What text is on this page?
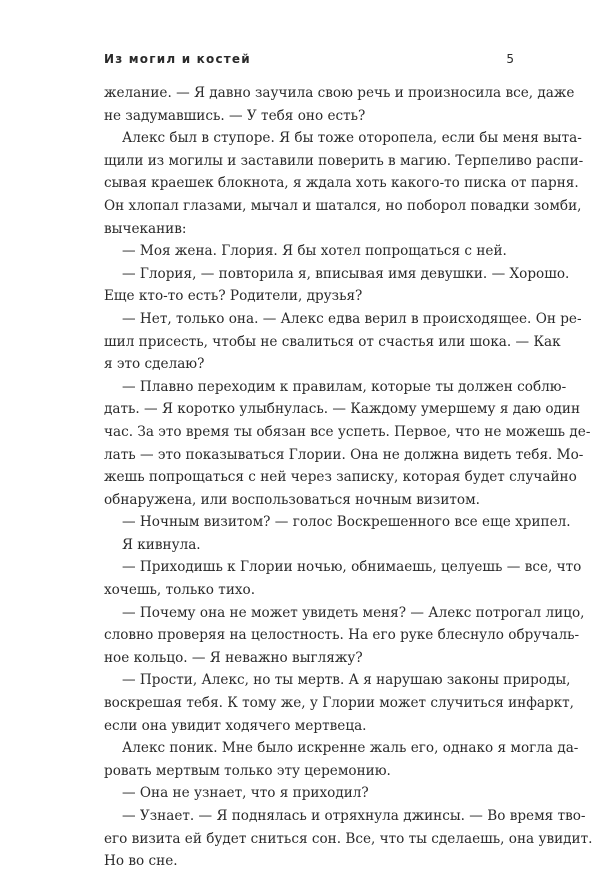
Из могил и костей	5
желание. — Я давно заучила свою речь и произносила все, даже
не задумавшись. — У тебя оно есть?
Алекс был в ступоре. Я бы тоже оторопела, если бы меня выта-
щили из могилы и заставили поверить в магию. Терпеливо распи-
сывая краешек блокнота, я ждала хоть какого-то писка от парня.
Он хлопал глазами, мычал и шатался, но поборол повадки зомби,
вычеканив:
— Моя жена. Глория. Я бы хотел попрощаться с ней.
— Глория, — повторила я, вписывая имя девушки. — Хорошо.
Еще кто-то есть? Родители, друзья?
— Нет, только она. — Алекс едва верил в происходящее. Он ре-
шил присесть, чтобы не свалиться от счастья или шока. — Как
я это сделаю?
— Плавно переходим к правилам, которые ты должен соблю-
дать. — Я коротко улыбнулась. — Каждому умершему я даю один
час. За это время ты обязан все успеть. Первое, что не можешь де-
лать — это показываться Глории. Она не должна видеть тебя. Мо-
жешь попрощаться с ней через записку, которая будет случайно
обнаружена, или воспользоваться ночным визитом.
— Ночным визитом? — голос Воскрешенного все еще хрипел.
Я кивнула.
— Приходишь к Глории ночью, обнимаешь, целуешь — все, что
хочешь, только тихо.
— Почему она не может увидеть меня? — Алекс потрогал лицо,
словно проверяя на целостность. На его руке блеснуло обручаль-
ное кольцо. — Я неважно выгляжу?
— Прости, Алекс, но ты мертв. А я нарушаю законы природы,
воскрешая тебя. К тому же, у Глории может случиться инфаркт,
если она увидит ходячего мертвеца.
Алекс поник. Мне было искренне жаль его, однако я могла да-
ровать мертвым только эту церемонию.
— Она не узнает, что я приходил?
— Узнает. — Я поднялась и отряхнула джинсы. — Во время тво-
его визита ей будет сниться сон. Все, что ты сделаешь, она увидит.
Но во сне.
